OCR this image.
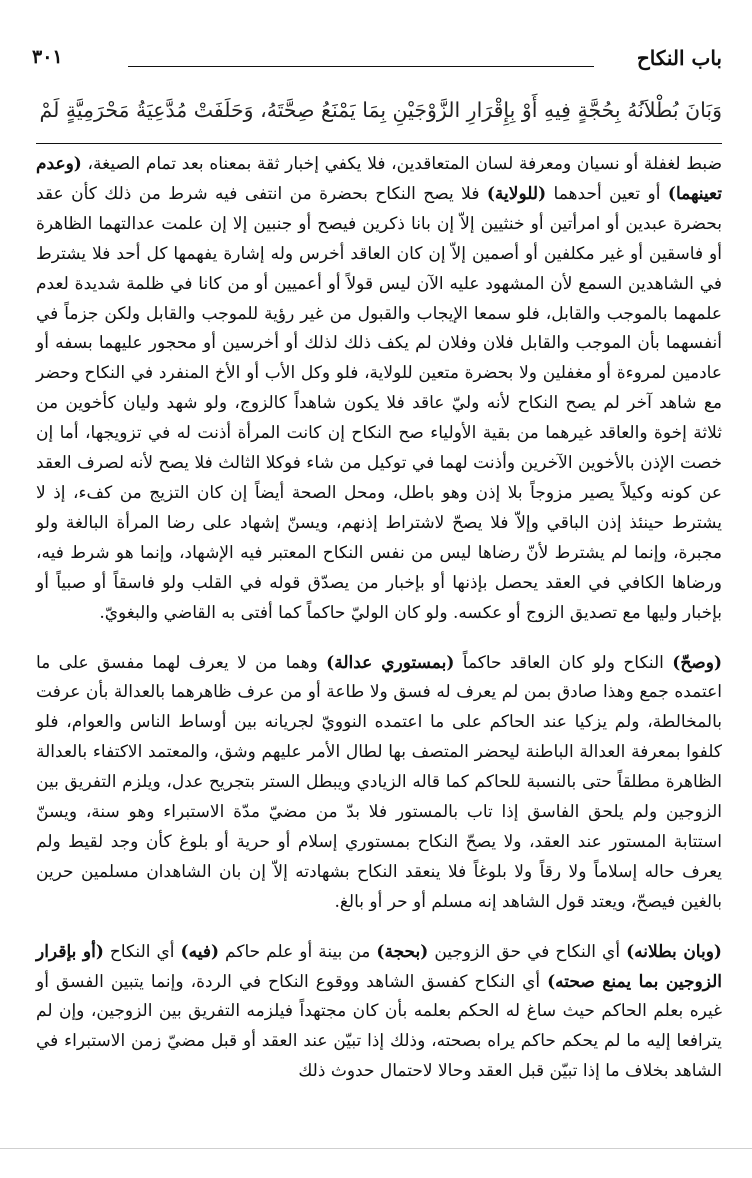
باب النكاح
٣٠١
وَبَانَ بُطْلاَنُهُ بِحُجَّةٍ فِيهِ أَوْ بِإِقْرَارِ الزَّوْجَيْنِ بِمَا يَمْنَعُ صِحَّتَهُ، وَحَلَفَتْ مُدَّعِيَةُ مَحْرَمِيَّةٍ لَمْ

ضبط لغفلة أو نسيان ومعرفة لسان المتعاقدين، فلا يكفي إخبار ثقة بمعناه بعد تمام الصيغة، (وعدم تعينهما) أو تعين أحدهما (للولاية) فلا يصح النكاح بحضرة من انتفى فيه شرط من ذلك كأن عقد بحضرة عبدين أو امرأتين أو خنثيين إلاّ إن بانا ذكرين فيصح أو جنبين إلا إن علمت عدالتهما الظاهرة أو فاسقين أو غير مكلفين أو أصمين إلاّ إن كان العاقد أخرس وله إشارة يفهمها كل أحد فلا يشترط في الشاهدين السمع لأن المشهود عليه الآن ليس قولاً أو أعميين أو من كانا في ظلمة شديدة لعدم علمهما بالموجب والقابل، فلو سمعا الإيجاب والقبول من غير رؤية للموجب والقابل ولكن جزماً في أنفسهما بأن الموجب والقابل فلان وفلان لم يكف ذلك لذلك أو أخرسين أو محجور عليهما بسفه أو عادمين لمروءة أو مغفلين ولا بحضرة متعين للولاية، فلو وكل الأب أو الأخ المنفرد في النكاح وحضر مع شاهد آخر لم يصح النكاح لأنه وليّ عاقد فلا يكون شاهداً كالزوج، ولو شهد وليان كأخوين من ثلاثة إخوة والعاقد غيرهما من بقية الأولياء صح النكاح إن كانت المرأة أذنت له في تزويجها، أما إن خصت الإذن بالأخوين الآخرين وأذنت لهما في توكيل من شاء فوكلا الثالث فلا يصح لأنه لصرف العقد عن كونه وكيلاً يصير مزوجاً بلا إذن وهو باطل، ومحل الصحة أيضاً إن كان التزيج من كفء، إذ لا يشترط حينئذ إذن الباقي وإلاّ فلا يصحّ لاشتراط إذنهم، ويسنّ إشهاد على رضا المرأة البالغة ولو مجبرة، وإنما لم يشترط لأنّ رضاها ليس من نفس النكاح المعتبر فيه الإشهاد، وإنما هو شرط فيه، ورضاها الكافي في العقد يحصل بإذنها أو بإخبار من يصدّق قوله في القلب ولو فاسقاً أو صبياً أو بإخبار وليها مع تصديق الزوج أو عكسه. ولو كان الوليّ حاكماً كما أفتى به القاضي والبغويّ.

(وصحّ) النكاح ولو كان العاقد حاكماً (بمستوري عدالة) وهما من لا يعرف لهما مفسق على ما اعتمده جمع وهذا صادق بمن لم يعرف له فسق ولا طاعة أو من عرف ظاهرهما بالعدالة بأن عرفت بالمخالطة، ولم يزكيا عند الحاكم على ما اعتمده النوويّ لجريانه بين أوساط الناس والعوام، فلو كلفوا بمعرفة العدالة الباطنة ليحضر المتصف بها لطال الأمر عليهم وشق، والمعتمد الاكتفاء بالعدالة الظاهرة مطلقاً حتى بالنسبة للحاكم كما قاله الزيادي ويبطل الستر بتجريح عدل، ويلزم التفريق بين الزوجين ولم يلحق الفاسق إذا تاب بالمستور فلا بدّ من مضيّ مدّة الاستبراء وهو سنة، ويسنّ استتابة المستور عند العقد، ولا يصحّ النكاح بمستوري إسلام أو حرية أو بلوغ كأن وجد لقيط ولم يعرف حاله إسلاماً ولا رقاً ولا بلوغاً فلا ينعقد النكاح بشهادته إلاّ إن بان الشاهدان مسلمين حرين بالغين فيصحّ، ويعتد قول الشاهد إنه مسلم أو حر أو بالغ.

(وبان بطلانه) أي النكاح في حق الزوجين (بحجة) من بينة أو علم حاكم (فيه) أي النكاح (أو بإقرار الزوجين بما يمنع صحته) أي النكاح كفسق الشاهد ووقوع النكاح في الردة، وإنما يتبين الفسق أو غيره بعلم الحاكم حيث ساغ له الحكم بعلمه بأن كان مجتهداً فيلزمه التفريق بين الزوجين، وإن لم يترافعا إليه ما لم يحكم حاكم يراه بصحته، وذلك إذا تبيّن عند العقد أو قبل مضيّ زمن الاستبراء في الشاهد بخلاف ما إذا تبيّن قبل العقد وحالا لاحتمال حدوث ذلك
